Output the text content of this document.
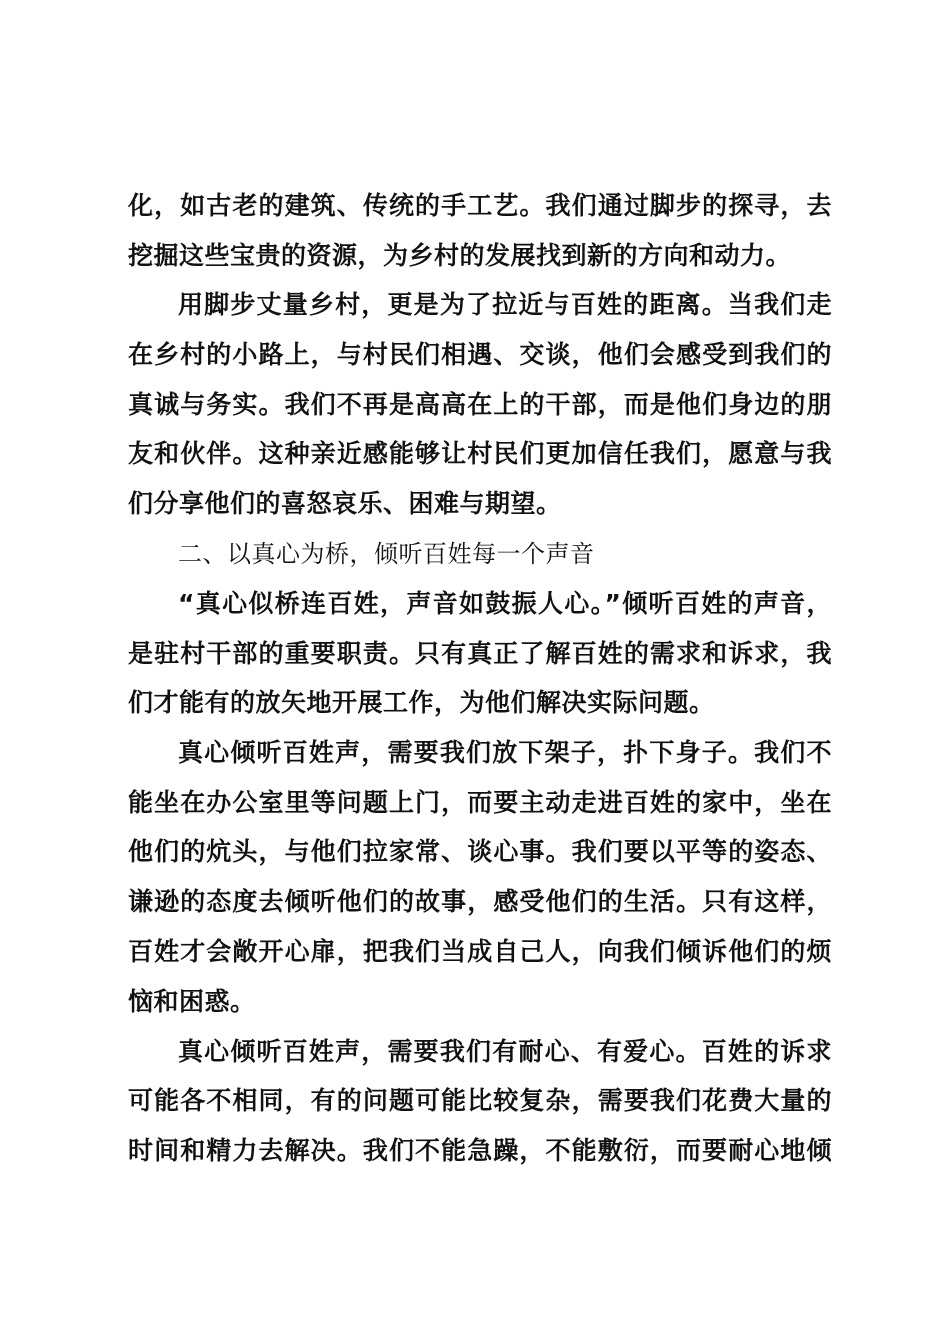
化，如古老的建筑、传统的手工艺。我们通过脚步的探寻，去
挖掘这些宝贵的资源，为乡村的发展找到新的方向和动力。
用脚步丈量乡村，更是为了拉近与百姓的距离。当我们走
在乡村的小路上，与村民们相遇、交谈，他们会感受到我们的
真诚与务实。我们不再是高高在上的干部，而是他们身边的朋
友和伙伴。这种亲近感能够让村民们更加信任我们，愿意与我
们分享他们的喜怒哀乐、困难与期望。
二、以真心为桥，倾听百姓每一个声音
“真心似桥连百姓，声音如鼓振人心。”倾听百姓的声音，
是驻村干部的重要职责。只有真正了解百姓的需求和诉求，我
们才能有的放矢地开展工作，为他们解决实际问题。
真心倾听百姓声，需要我们放下架子，扑下身子。我们不
能坐在办公室里等问题上门，而要主动走进百姓的家中，坐在
他们的炕头，与他们拉家常、谈心事。我们要以平等的姿态、
谦逊的态度去倾听他们的故事，感受他们的生活。只有这样，
百姓才会敞开心扉，把我们当成自己人，向我们倾诉他们的烦
恼和困惑。
真心倾听百姓声，需要我们有耐心、有爱心。百姓的诉求
可能各不相同，有的问题可能比较复杂，需要我们花费大量的
时间和精力去解决。我们不能急躁，不能敷衍，而要耐心地倾
